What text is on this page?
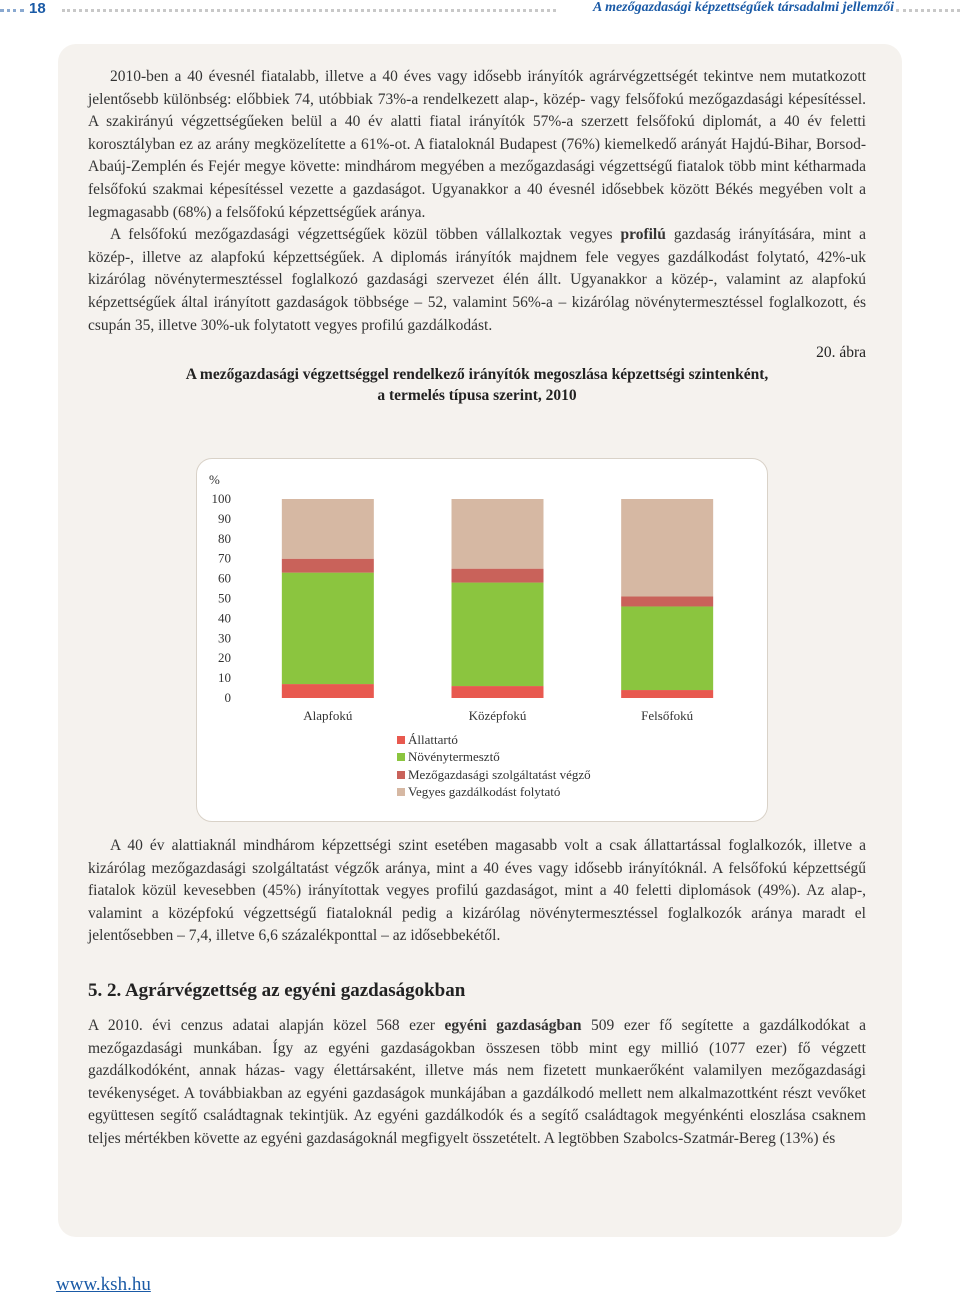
18	A mezőgazdasági képzettségűek társadalmi jellemzői

2010-ben a 40 évesnél fiatalabb, illetve a 40 éves vagy idősebb irányítók agrárvégzettségét tekintve nem mutatkozott jelentősebb különbség: előbbiek 74, utóbbiak 73%-a rendelkezett alap-, közép- vagy felsőfokú mezőgazdasági képesítéssel. A szakirányú végzettségűeken belül a 40 év alatti fiatal irányítók 57%-a szerzett felsőfokú diplomát, a 40 év feletti korosztályban ez az arány megközelítette a 61%-ot. A fiataloknál Budapest (76%) kiemelkedő arányát Hajdú-Bihar, Borsod-Abaúj-Zemplén és Fejér megye követte: mindhárom megyében a mezőgazdasági végzettségű fiatalok több mint kétharmada felsőfokú szakmai képesítéssel vezette a gazdaságot. Ugyanakkor a 40 évesnél idősebbek között Békés megyében volt a legmagasabb (68%) a felsőfokú képzettségűek aránya.

A felsőfokú mezőgazdasági végzettségűek közül többen vállalkoztak vegyes profilú gazdaság irányítására, mint a közép-, illetve az alapfokú képzettségűek. A diplomás irányítók majdnem fele vegyes gazdálkodást folytató, 42%-uk kizárólag növénytermesztéssel foglalkozó gazdasági szervezet élén állt. Ugyanakkor a közép-, valamint az alapfokú képzettségűek által irányított gazdaságok többsége – 52, valamint 56%-a – kizárólag növénytermesztéssel foglalkozott, és csupán 35, illetve 30%-uk folytatott vegyes profilú gazdálkodást.

20. ábra
A mezőgazdasági végzettséggel rendelkező irányítók megoszlása képzettségi szintenként,
a termelés típusa szerint, 2010
%
0
10
20
30
40
50
60
70
80
90
100
Alapfokú	Középfokú	Felsőfokú
Állattartó
Növénytermesztő
Mezőgazdasági szolgáltatást végző
Vegyes gazdálkodást folytató

A 40 év alattiaknál mindhárom képzettségi szint esetében magasabb volt a csak állattartással foglalkozók, illetve a kizárólag mezőgazdasági szolgáltatást végzők aránya, mint a 40 éves vagy idősebb irányítóknál. A felsőfokú képzettségű fiatalok közül kevesebben (45%) irányítottak vegyes profilú gazdaságot, mint a 40 feletti diplomások (49%). Az alap-, valamint a középfokú végzettségű fiataloknál pedig a kizárólag növénytermesztéssel foglalkozók aránya maradt el jelentősebben – 7,4, illetve 6,6 százalékponttal – az idősebbekétől.

5. 2. Agrárvégzettség az egyéni gazdaságokban

A 2010. évi cenzus adatai alapján közel 568 ezer egyéni gazdaságban 509 ezer fő segítette a gazdálkodókat a mezőgazdasági munkában. Így az egyéni gazdaságokban összesen több mint egy millió (1077 ezer) fő végzett gazdálkodóként, annak házas- vagy élettársaként, illetve más nem fizetett munkaerőként valamilyen mezőgazdasági tevékenységet. A továbbiakban az egyéni gazdaságok munkájában a gazdálkodó mellett nem alkalmazottként részt vevőket együttesen segítő családtagnak tekintjük. Az egyéni gazdálkodók és a segítő családtagok megyénkénti eloszlása csaknem teljes mértékben követte az egyéni gazdaságoknál megfigyelt összetételt. A legtöbben Szabolcs-Szatmár-Bereg (13%) és

www.ksh.hu
